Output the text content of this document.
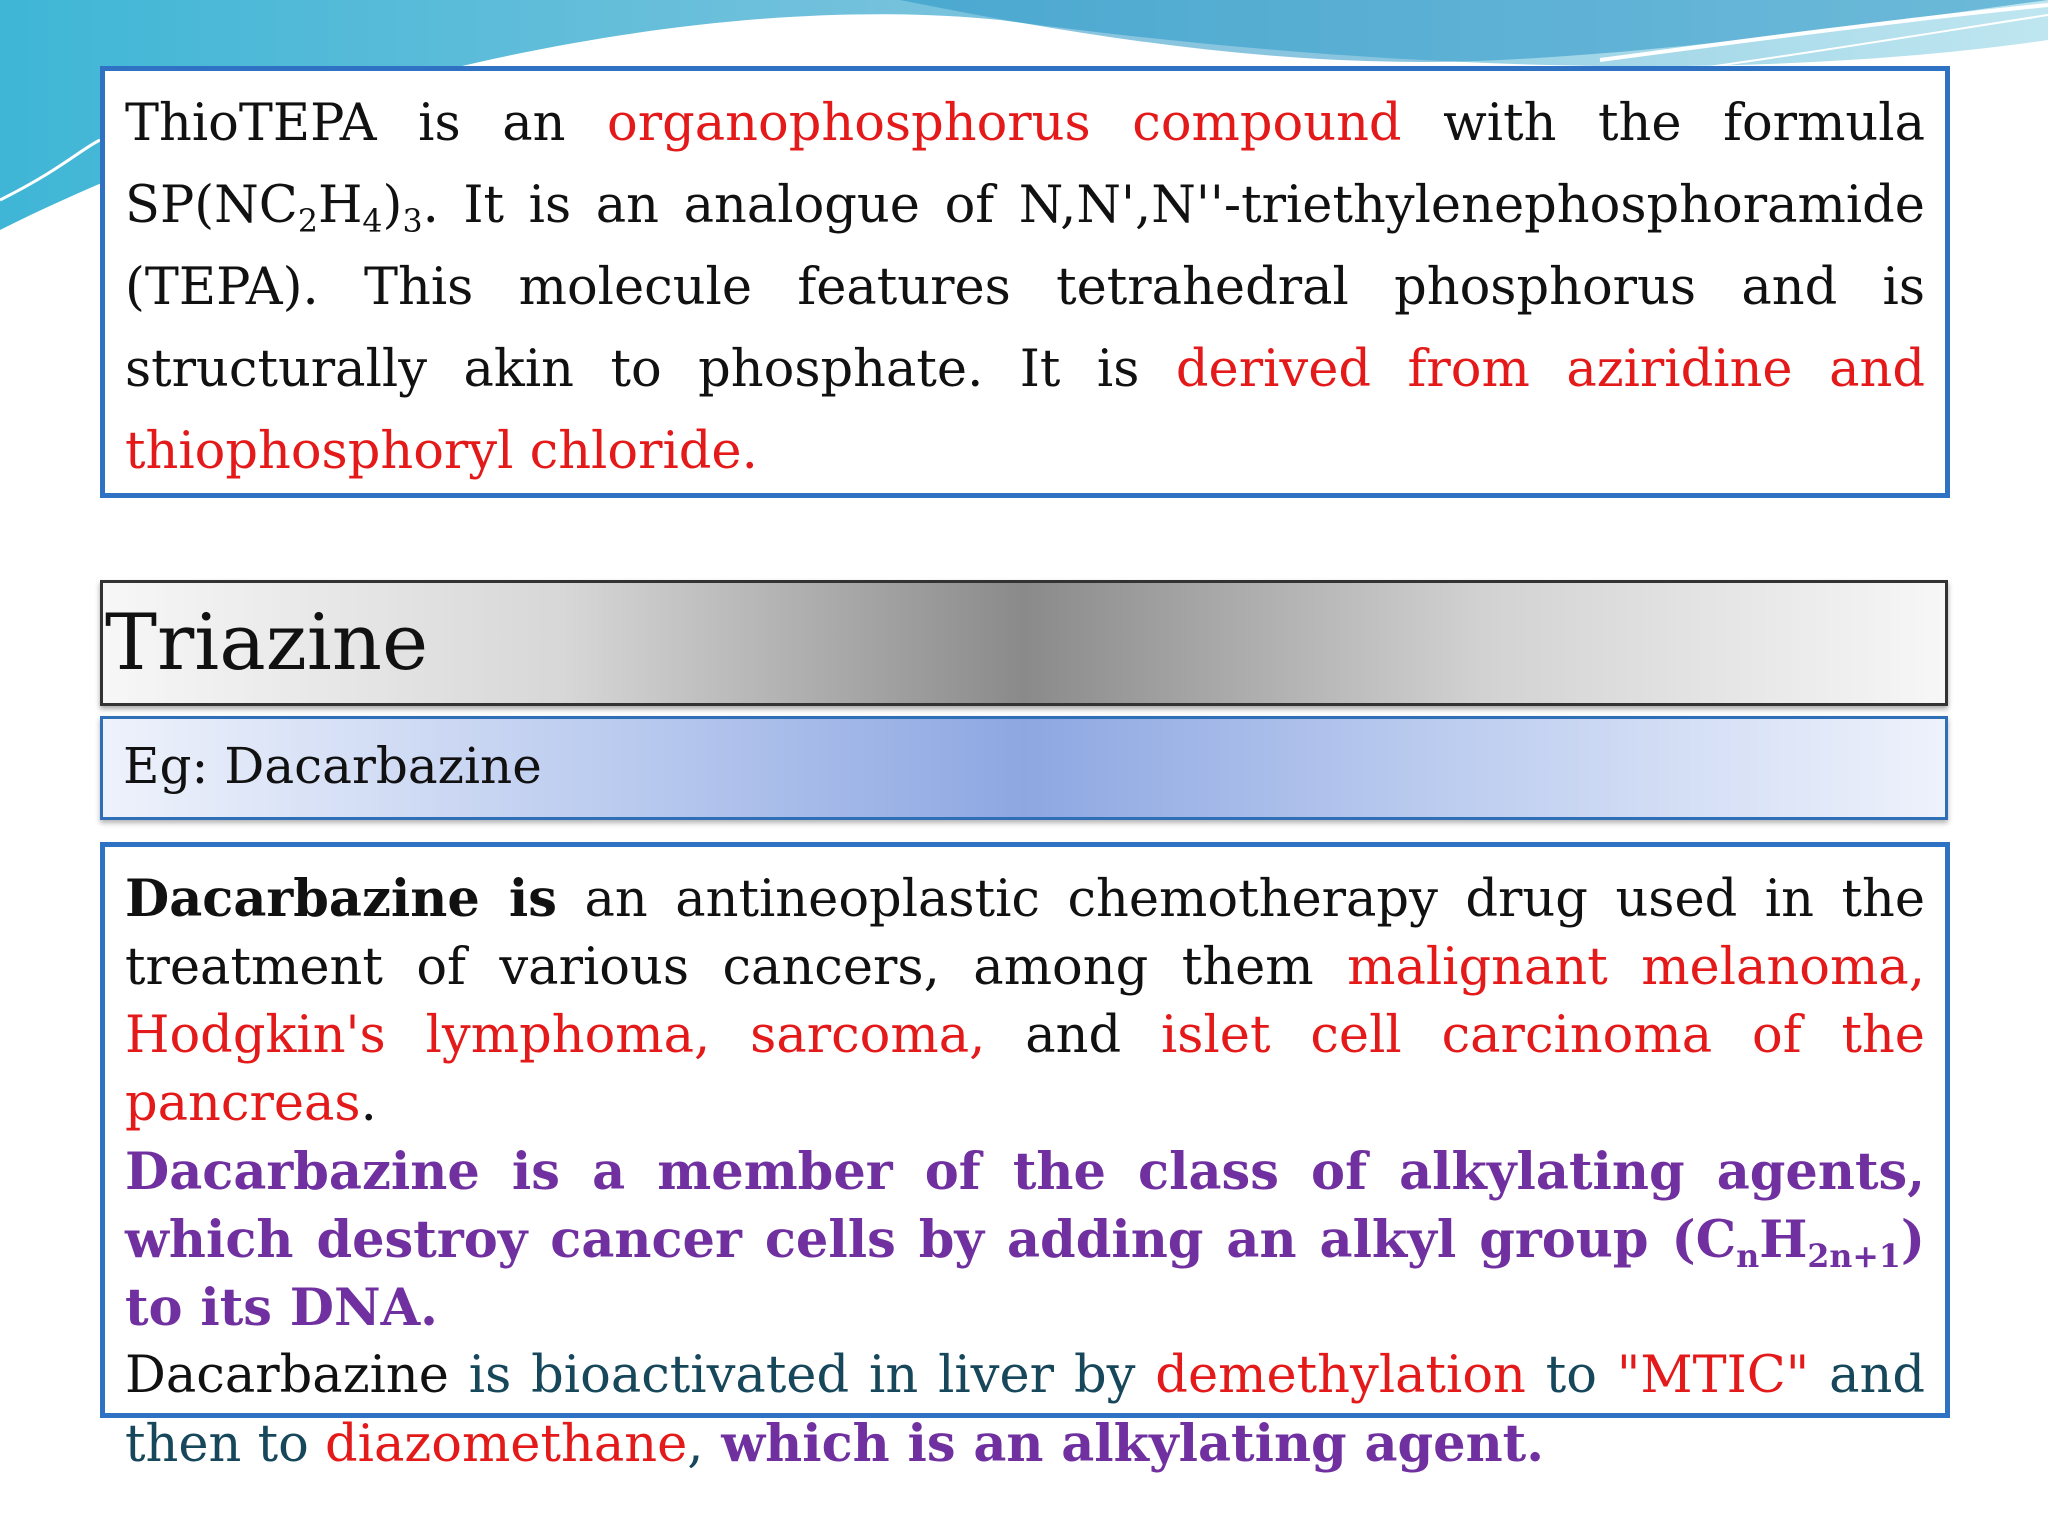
ThioTEPA is an organophosphorus compound with the formula $SP(NC_2H_4)_3$. It is an analogue of N,N',N''-triethylenephosphoramide (TEPA). This molecule features tetrahedral phosphorus and is structurally akin to phosphate. It is derived from aziridine and thiophosphoryl chloride.

Triazine
Eg: Dacarbazine

Dacarbazine is an antineoplastic chemotherapy drug used in the treatment of various cancers, among them malignant melanoma, Hodgkin's lymphoma, sarcoma, and islet cell carcinoma of the pancreas.

Dacarbazine is a member of the class of alkylating agents, which destroy cancer cells by adding an alkyl group $(C_nH_{2n+1})$ to its DNA.

Dacarbazine is bioactivated in liver by demethylation to "MTIC" and then to diazomethane, which is an alkylating agent.
